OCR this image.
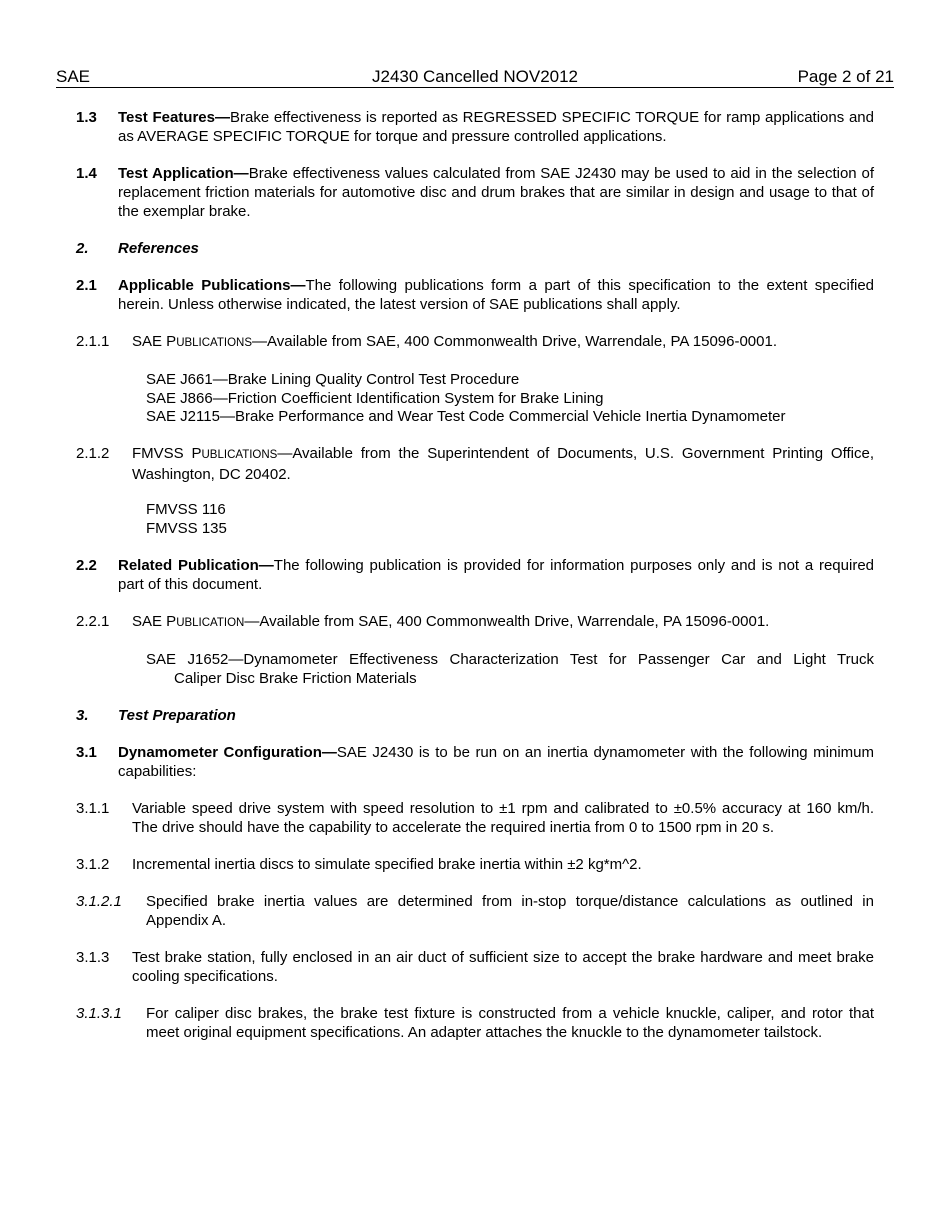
SAE	J2430 Cancelled NOV2012	Page 2 of 21
1.3 Test Features—Brake effectiveness is reported as REGRESSED SPECIFIC TORQUE for ramp applications and as AVERAGE SPECIFIC TORQUE for torque and pressure controlled applications.
1.4 Test Application—Brake effectiveness values calculated from SAE J2430 may be used to aid in the selection of replacement friction materials for automotive disc and drum brakes that are similar in design and usage to that of the exemplar brake.
2. References
2.1 Applicable Publications—The following publications form a part of this specification to the extent specified herein. Unless otherwise indicated, the latest version of SAE publications shall apply.
2.1.1 SAE PUBLICATIONS—Available from SAE, 400 Commonwealth Drive, Warrendale, PA 15096-0001.
SAE J661—Brake Lining Quality Control Test Procedure
SAE J866—Friction Coefficient Identification System for Brake Lining
SAE J2115—Brake Performance and Wear Test Code Commercial Vehicle Inertia Dynamometer
2.1.2 FMVSS PUBLICATIONS—Available from the Superintendent of Documents, U.S. Government Printing Office, Washington, DC 20402.
FMVSS 116
FMVSS 135
2.2 Related Publication—The following publication is provided for information purposes only and is not a required part of this document.
2.2.1 SAE PUBLICATION—Available from SAE, 400 Commonwealth Drive, Warrendale, PA 15096-0001.
SAE J1652—Dynamometer Effectiveness Characterization Test for Passenger Car and Light Truck
Caliper Disc Brake Friction Materials
3. Test Preparation
3.1 Dynamometer Configuration—SAE J2430 is to be run on an inertia dynamometer with the following minimum capabilities:
3.1.1 Variable speed drive system with speed resolution to ±1 rpm and calibrated to ±0.5% accuracy at 160 km/h. The drive should have the capability to accelerate the required inertia from 0 to 1500 rpm in 20 s.
3.1.2 Incremental inertia discs to simulate specified brake inertia within ±2 kg*m^2.
3.1.2.1 Specified brake inertia values are determined from in-stop torque/distance calculations as outlined in Appendix A.
3.1.3 Test brake station, fully enclosed in an air duct of sufficient size to accept the brake hardware and meet brake cooling specifications.
3.1.3.1 For caliper disc brakes, the brake test fixture is constructed from a vehicle knuckle, caliper, and rotor that meet original equipment specifications. An adapter attaches the knuckle to the dynamometer tailstock.
